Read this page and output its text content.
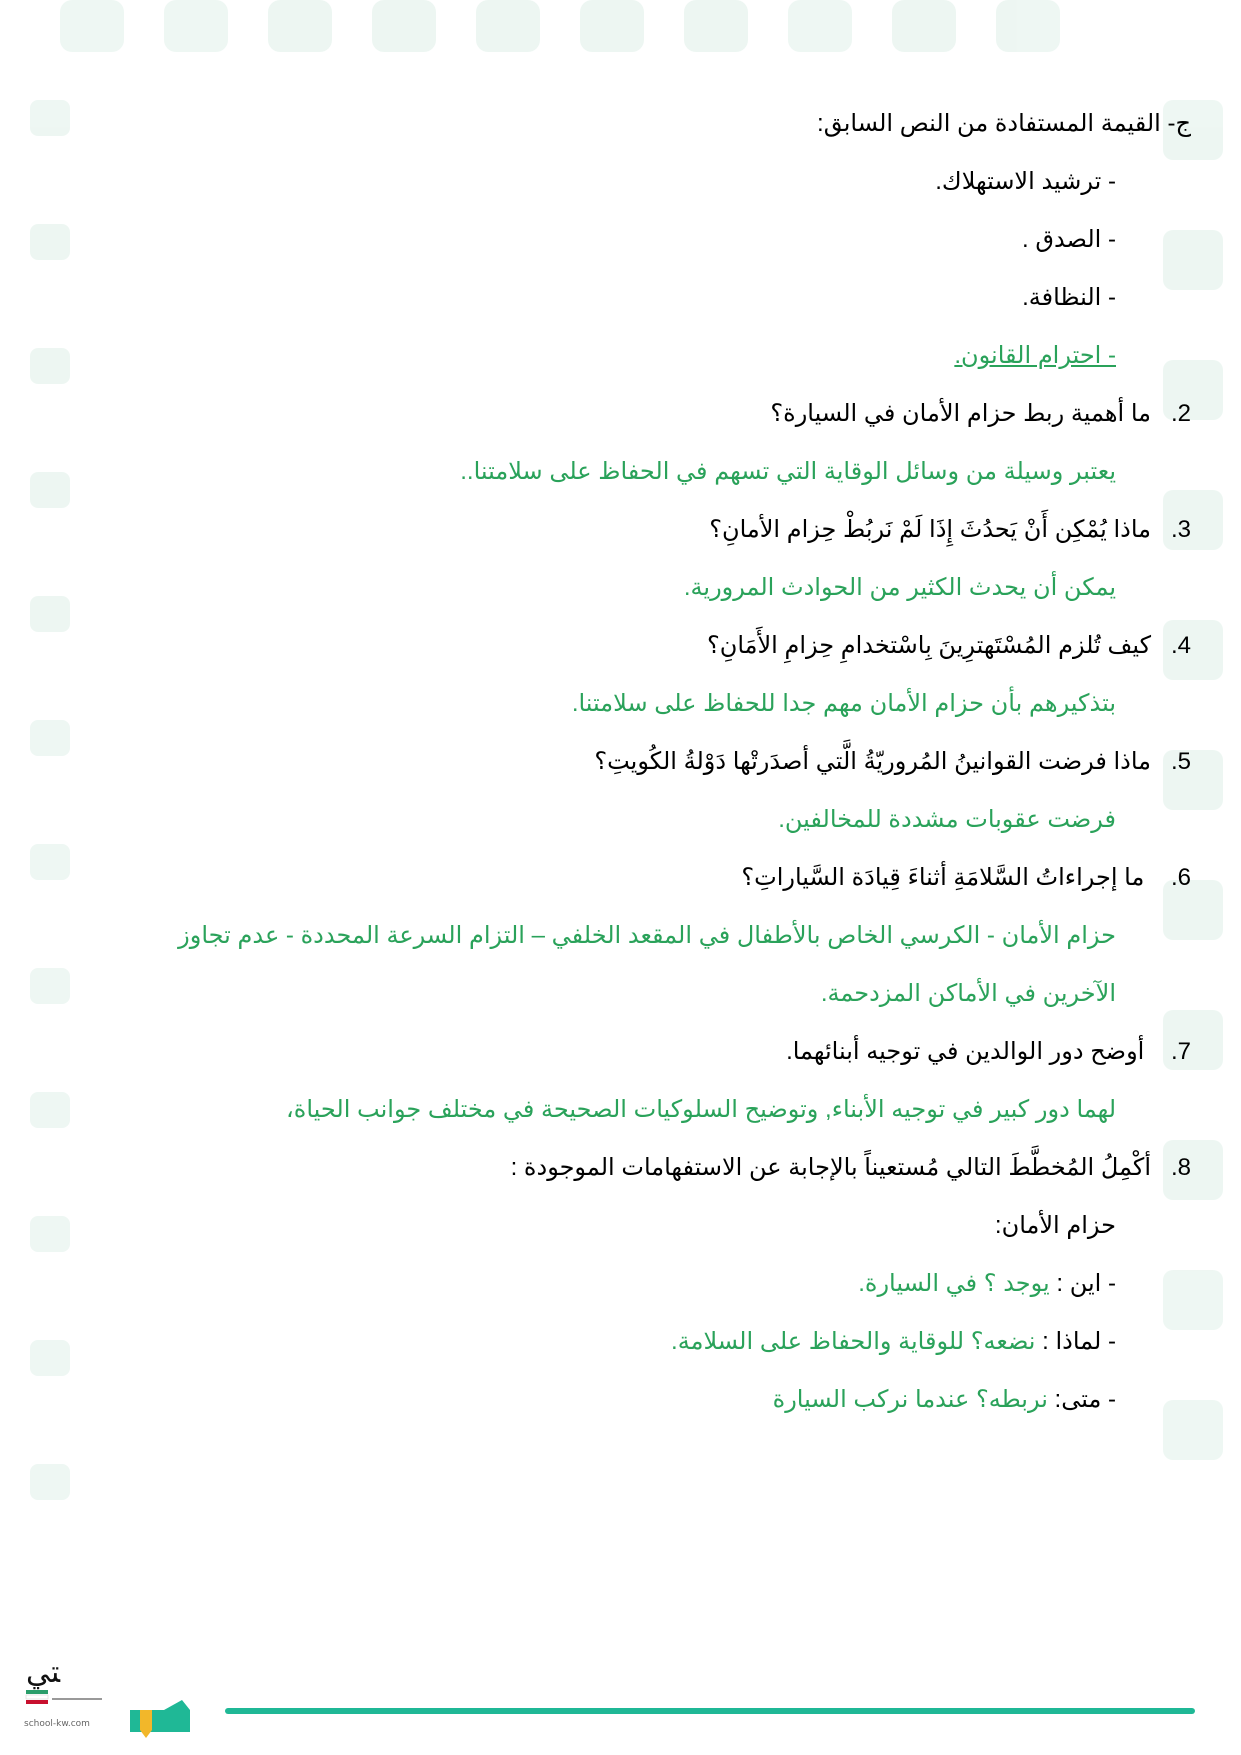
ج- القيمة المستفادة من النص السابق:
- ترشيد الاستهلاك.
- الصدق .
- النظافة.
- احترام القانون.
2.ما أهمية ربط حزام الأمان في السيارة؟
يعتبر وسيلة من وسائل الوقاية التي تسهم في الحفاظ على سلامتنا..
3.ماذا يُمْكِن أَنْ يَحدُثَ إِذَا لَمْ نَربُطْ حِزام الأمانِ؟
يمكن أن يحدث الكثير من الحوادث المرورية.
4.كيف تُلزم المُسْتَهترِينَ بِاسْتخدامِ حِزامِ الأَمَانِ؟
بتذكيرهم بأن حزام الأمان مهم جدا للحفاظ على سلامتنا.
5.ماذا فرضت القوانينُ المُروريّةُ الَّتي أصدَرتْها دَوْلةُ الكُويتِ؟
فرضت عقوبات مشددة للمخالفين.
6. ما إجراءاتُ السَّلامَةِ أثناءَ قِيادَة السَّياراتِ؟
حزام الأمان - الكرسي الخاص بالأطفال في المقعد الخلفي – التزام السرعة المحددة - عدم تجاوز
الآخرين في الأماكن المزدحمة.
7. أوضح دور الوالدين في توجيه أبنائهما.
لهما دور كبير في توجيه الأبناء, وتوضيح السلوكيات الصحيحة في مختلف جوانب الحياة،
8.أكْمِلُ المُخطَّطَ التالي مُستعيناً بالإجابة عن الاستفهامات الموجودة :
حزام الأمان:
- اين : يوجد ؟ في السيارة.
- لماذا : نضعه؟ للوقاية والحفاظ على السلامة.
- متى: نربطه؟ عندما نركب السيارة
ﺘﻲ
school-kw.com
